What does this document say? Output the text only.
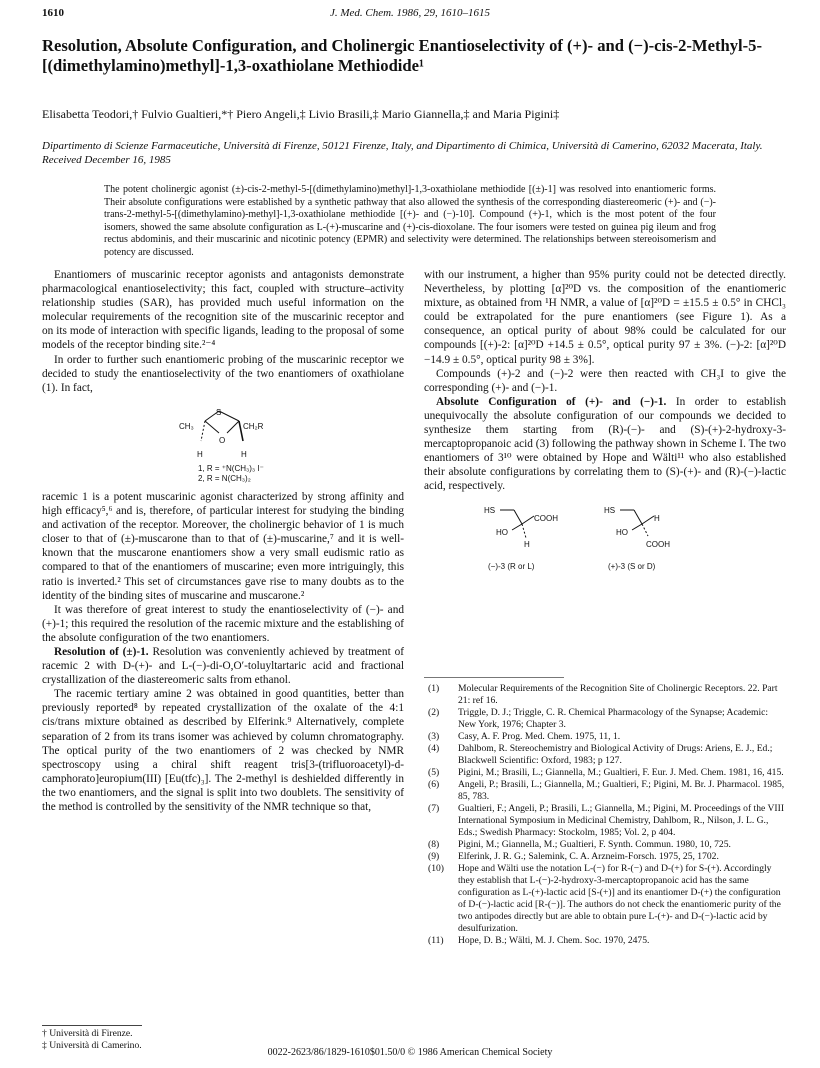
1610	J. Med. Chem. 1986, 29, 1610–1615
Resolution, Absolute Configuration, and Cholinergic Enantioselectivity of (+)- and (−)-cis-2-Methyl-5-[(dimethylamino)methyl]-1,3-oxathiolane Methiodide¹
Elisabetta Teodori,† Fulvio Gualtieri,*† Piero Angeli,‡ Livio Brasili,‡ Mario Giannella,‡ and Maria Pigini‡
Dipartimento di Scienze Farmaceutiche, Università di Firenze, 50121 Firenze, Italy, and Dipartimento di Chimica, Università di Camerino, 62032 Macerata, Italy. Received December 16, 1985
The potent cholinergic agonist (±)-cis-2-methyl-5-[(dimethylamino)methyl]-1,3-oxathiolane methiodide [(±)-1] was resolved into enantiomeric forms. Their absolute configurations were established by a synthetic pathway that also allowed the synthesis of the corresponding diastereomeric (+)- and (−)-trans-2-methyl-5-[(dimethylamino)-methyl]-1,3-oxathiolane methiodide [(+)- and (−)-10]. Compound (+)-1, which is the most potent of the four isomers, showed the same absolute configuration as L-(+)-muscarine and (+)-cis-dioxolane. The four isomers were tested on guinea pig ileum and frog rectus abdominis, and their muscarinic and nicotinic potency (EPMR) and selectivity were determined. The relationships between stereoisomerism and potency are discussed.

Enantiomers of muscarinic receptor agonists and antagonists demonstrate pharmacological enantioselectivity; this fact, coupled with structure–activity relationship studies (SAR), has provided much useful information on the molecular requirements of the recognition site of the muscarinic receptor and on its mode of interaction with specific ligands, leading to the proposal of some models of the receptor binding site.²⁻⁴

In order to further such enantiomeric probing of the muscarinic receptor we decided to study the enantioselectivity of the two enantiomers of oxathiolane (1). In fact,

CH₃
S
CH₂R
O
H	H
1, R = ⁺N(CH₃)₃ I⁻
2, R = N(CH₃)₂

racemic 1 is a potent muscarinic agonist characterized by strong affinity and high efficacy⁵,⁶ and is, therefore, of particular interest for studying the binding and activation of the receptor. Moreover, the cholinergic behavior of 1 is much closer to that of (±)-muscarone than to that of (±)-muscarine,⁷ and it is well-known that the muscarone enantiomers show a very small eudismic ratio as compared to that of the enantiomers of muscarine; even more intriguingly, this ratio is inverted.² This set of circumstances gave rise to many doubts as to the identity of the binding sites of muscarine and muscarone.²

It was therefore of great interest to study the enantioselectivity of (−)- and (+)-1; this required the resolution of the racemic mixture and the establishing of the absolute configuration of the two enantiomers.

Resolution of (±)-1. Resolution was conveniently achieved by treatment of racemic 2 with D-(+)- and L-(−)-di-O,O′-toluyltartaric acid and fractional crystallization of the diastereomeric salts from ethanol.

The racemic tertiary amine 2 was obtained in good quantities, better than previously reported⁸ by repeated crystallization of the oxalate of the 4:1 cis/trans mixture obtained as described by Elferink.⁹ Alternatively, complete separation of 2 from its trans isomer was achieved by column chromatography. The optical purity of the two enantiomers of 2 was checked by NMR spectroscopy using a chiral shift reagent tris[3-(trifluoroacetyl)-d-camphorato]europium(III) [Eu(tfc)₃]. The 2-methyl is deshielded differently in the two enantiomers, and the signal is split into two doublets. The sensitivity of the method is controlled by the sensitivity of the NMR technique so that,

with our instrument, a higher than 95% purity could not be detected directly. Nevertheless, by plotting [α]²⁰D vs. the composition of the enantiomeric mixture, as obtained from ¹H NMR, a value of [α]²⁰D = ±15.5 ± 0.5° in CHCl₃ could be extrapolated for the pure enantiomers (see Figure 1). As a consequence, an optical purity of about 98% could be calculated for our compounds [(+)-2: [α]²⁰D +14.5 ± 0.5°, optical purity 97 ± 3%. (−)-2: [α]²⁰D −14.9 ± 0.5°, optical purity 98 ± 3%].

Compounds (+)-2 and (−)-2 were then reacted with CH₃I to give the corresponding (+)- and (−)-1.

Absolute Configuration of (+)- and (−)-1. In order to establish unequivocally the absolute configuration of our compounds we decided to synthesize them starting from (R)-(−)- and (S)-(+)-2-hydroxy-3-mercaptopropanoic acid (3) following the pathway shown in Scheme I. The two enantiomers of 3¹⁰ were obtained by Hope and Wälti¹¹ who also established their absolute configurations by correlating them to (S)-(+)- and (R)-(−)-lactic acid, respectively.

HS
COOH
HO
H
(−)-3 (R or L)
HS
H
HO
COOH
(+)-3 (S or D)
(1) Molecular Requirements of the Recognition Site of Cholinergic Receptors. 22. Part 21: ref 16.
(2) Triggle, D. J.; Triggle, C. R. Chemical Pharmacology of the Synapse; Academic: New York, 1976; Chapter 3.
(3) Casy, A. F. Prog. Med. Chem. 1975, 11, 1.
(4) Dahlbom, R. Stereochemistry and Biological Activity of Drugs: Ariens, E. J., Ed.; Blackwell Scientific: Oxford, 1983; p 127.
(5) Pigini, M.; Brasili, L.; Giannella, M.; Gualtieri, F. Eur. J. Med. Chem. 1981, 16, 415.
(6) Angeli, P.; Brasili, L.; Giannella, M.; Gualtieri, F.; Pigini, M. Br. J. Pharmacol. 1985, 85, 783.
(7) Gualtieri, F.; Angeli, P.; Brasili, L.; Giannella, M.; Pigini, M. Proceedings of the VIII International Symposium in Medicinal Chemistry, Dahlbom, R., Nilson, J. L. G., Eds.; Swedish Pharmacy: Stockolm, 1985; Vol. 2, p 404.
(8) Pigini, M.; Giannella, M.; Gualtieri, F. Synth. Commun. 1980, 10, 725.
(9) Elferink, J. R. G.; Salemink, C. A. Arzneim-Forsch. 1975, 25, 1702.
(10) Hope and Wälti use the notation L-(−) for R-(−) and D-(+) for S-(+). Accordingly they establish that L-(−)-2-hydroxy-3-mercaptopropanoic acid has the same configuration as L-(+)-lactic acid [S-(+)] and its enantiomer D-(+) the configuration of D-(−)-lactic acid [R-(−)]. The authors do not check the enantiomeric purity of the two antipodes directly but are able to obtain pure L-(+)- and D-(−)-lactic acid by desulfurization.
(11) Hope, D. B.; Wälti, M. J. Chem. Soc. 1970, 2475.
† Università di Firenze.
‡ Università di Camerino.
0022-2623/86/1829-1610$01.50/0 © 1986 American Chemical Society
